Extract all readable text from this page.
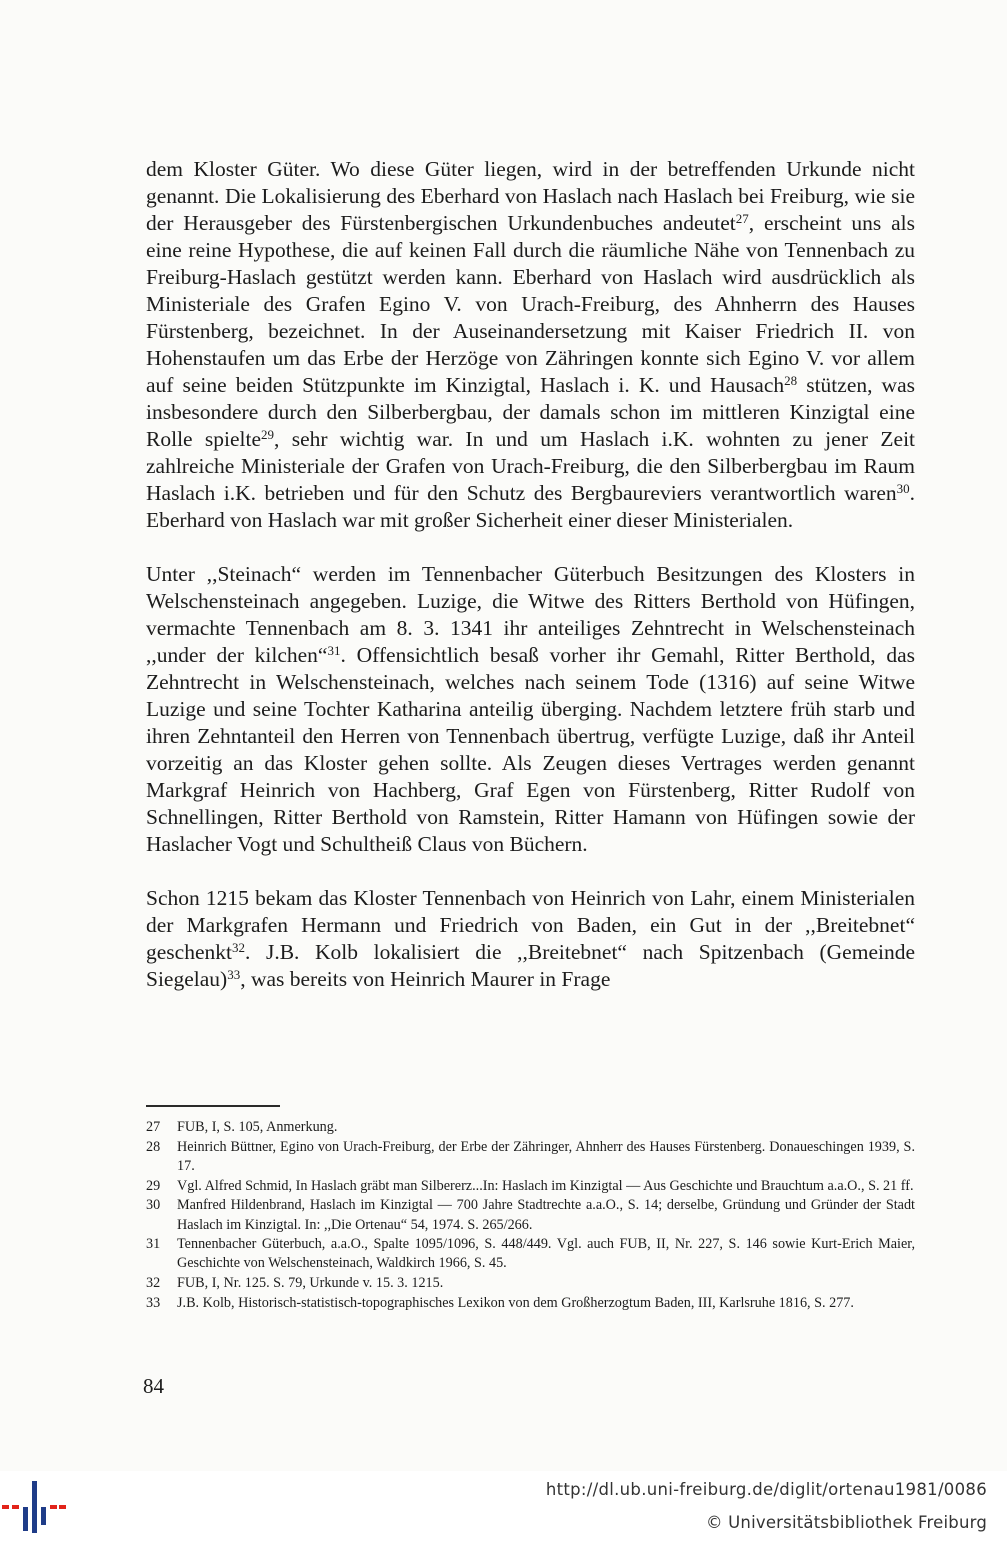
dem Kloster Güter. Wo diese Güter liegen, wird in der betreffenden Urkunde nicht genannt. Die Lokalisierung des Eberhard von Haslach nach Haslach bei Freiburg, wie sie der Herausgeber des Fürstenbergischen Urkundenbuches andeutet$^{27}$, erscheint uns als eine reine Hypothese, die auf keinen Fall durch die räumliche Nähe von Tennenbach zu Freiburg-Haslach gestützt werden kann. Eberhard von Haslach wird ausdrücklich als Ministeriale des Grafen Egino V. von Urach-Freiburg, des Ahnherrn des Hauses Fürstenberg, bezeichnet. In der Auseinandersetzung mit Kaiser Friedrich II. von Hohenstaufen um das Erbe der Herzöge von Zähringen konnte sich Egino V. vor allem auf seine beiden Stützpunkte im Kinzigtal, Haslach i. K. und Hausach$^{28}$ stützen, was insbesondere durch den Silberbergbau, der damals schon im mittleren Kinzigtal eine Rolle spielte$^{29}$, sehr wichtig war. In und um Haslach i.K. wohnten zu jener Zeit zahlreiche Ministeriale der Grafen von Urach-Freiburg, die den Silberbergbau im Raum Haslach i.K. betrieben und für den Schutz des Bergbaureviers verantwortlich waren$^{30}$. Eberhard von Haslach war mit großer Sicherheit einer dieser Ministerialen.

Unter ,,Steinach“ werden im Tennenbacher Güterbuch Besitzungen des Klosters in Welschensteinach angegeben. Luzige, die Witwe des Ritters Berthold von Hüfingen, vermachte Tennenbach am 8. 3. 1341 ihr anteiliges Zehntrecht in Welschensteinach ,,under der kilchen“$^{31}$. Offensichtlich besaß vorher ihr Gemahl, Ritter Berthold, das Zehntrecht in Welschensteinach, welches nach seinem Tode (1316) auf seine Witwe Luzige und seine Tochter Katharina anteilig überging. Nachdem letztere früh starb und ihren Zehntanteil den Herren von Tennenbach übertrug, verfügte Luzige, daß ihr Anteil vorzeitig an das Kloster gehen sollte. Als Zeugen dieses Vertrages werden genannt Markgraf Heinrich von Hachberg, Graf Egen von Fürstenberg, Ritter Rudolf von Schnellingen, Ritter Berthold von Ramstein, Ritter Hamann von Hüfingen sowie der Haslacher Vogt und Schultheiß Claus von Büchern.

Schon 1215 bekam das Kloster Tennenbach von Heinrich von Lahr, einem Ministerialen der Markgrafen Hermann und Friedrich von Baden, ein Gut in der ,,Breitebnet“ geschenkt$^{32}$. J.B. Kolb lokalisiert die ,,Breitebnet“ nach Spitzenbach (Gemeinde Siegelau)$^{33}$, was bereits von Heinrich Maurer in Frage

27	FUB, I, S. 105, Anmerkung.
28	Heinrich Büttner, Egino von Urach-Freiburg, der Erbe der Zähringer, Ahnherr des Hauses Fürstenberg. Donaueschingen 1939, S. 17.
29	Vgl. Alfred Schmid, In Haslach gräbt man Silbererz...In: Haslach im Kinzigtal — Aus Geschichte und Brauchtum a.a.O., S. 21 ff.
30	Manfred Hildenbrand, Haslach im Kinzigtal — 700 Jahre Stadtrechte a.a.O., S. 14; derselbe, Gründung und Gründer der Stadt Haslach im Kinzigtal. In: ,,Die Ortenau“ 54, 1974. S. 265/266.
31	Tennenbacher Güterbuch, a.a.O., Spalte 1095/1096, S. 448/449. Vgl. auch FUB, II, Nr. 227, S. 146 sowie Kurt-Erich Maier, Geschichte von Welschensteinach, Waldkirch 1966, S. 45.
32	FUB, I, Nr. 125. S. 79, Urkunde v. 15. 3. 1215.
33	J.B. Kolb, Historisch-statistisch-topographisches Lexikon von dem Großherzogtum Baden, III, Karlsruhe 1816, S. 277.
84
http://dl.ub.uni-freiburg.de/diglit/ortenau1981/0086
© Universitätsbibliothek Freiburg
